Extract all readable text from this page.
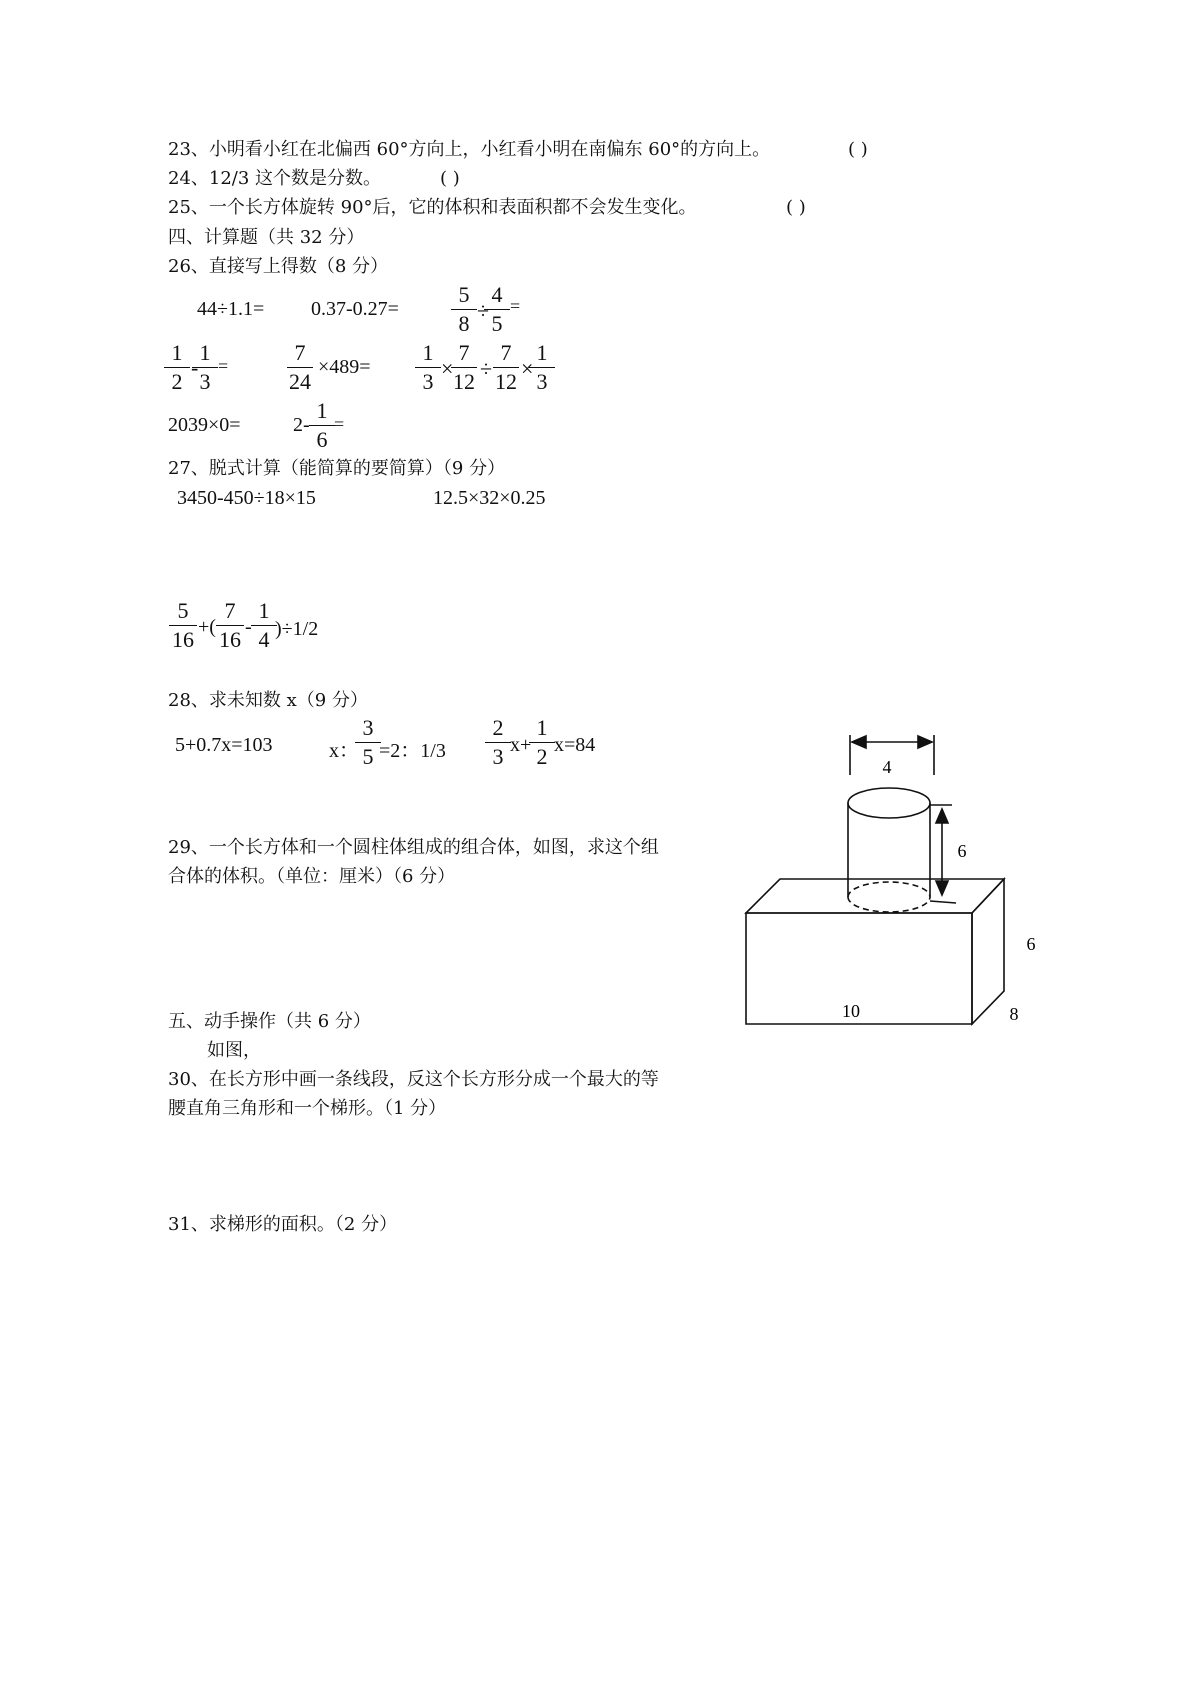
23、小明看小红在北偏西 60°方向上，小红看小明在南偏东 60°的方向上。	( )
24、12/3 这个数是分数。	( )
25、一个长方体旋转 90°后，它的体积和表面积都不会发生变化。	( )
四、计算题（共 32 分）
26、直接写上得数（8 分）
44÷1.1= 0.37-0.27=
5
8
÷
4
5
=
1
2
-
1
3
=
7
24
×489=
1
3
×
7
12
÷
7
12
×
1
3
2039×0=	2-
1
6
=
27、脱式计算（能简算的要简算）（9 分）
3450-450÷18×15	12.5×32×0.25
5
16 +(
7
16 -
1
4 )÷1/2
28、求未知数 x（9 分）
5+0.7x=103	x：
3
5 =2：1/3
2
3 x+
1
2 x=84
29、一个长方体和一个圆柱体组成的组合体，如图，求这个组
合体的体积。（单位：厘米）（6 分）
4
6
6
10	8
五、动手操作（共 6 分）
如图，
30、在长方形中画一条线段，反这个长方形分成一个最大的等
腰直角三角形和一个梯形。（1 分）
31、求梯形的面积。（2 分）
